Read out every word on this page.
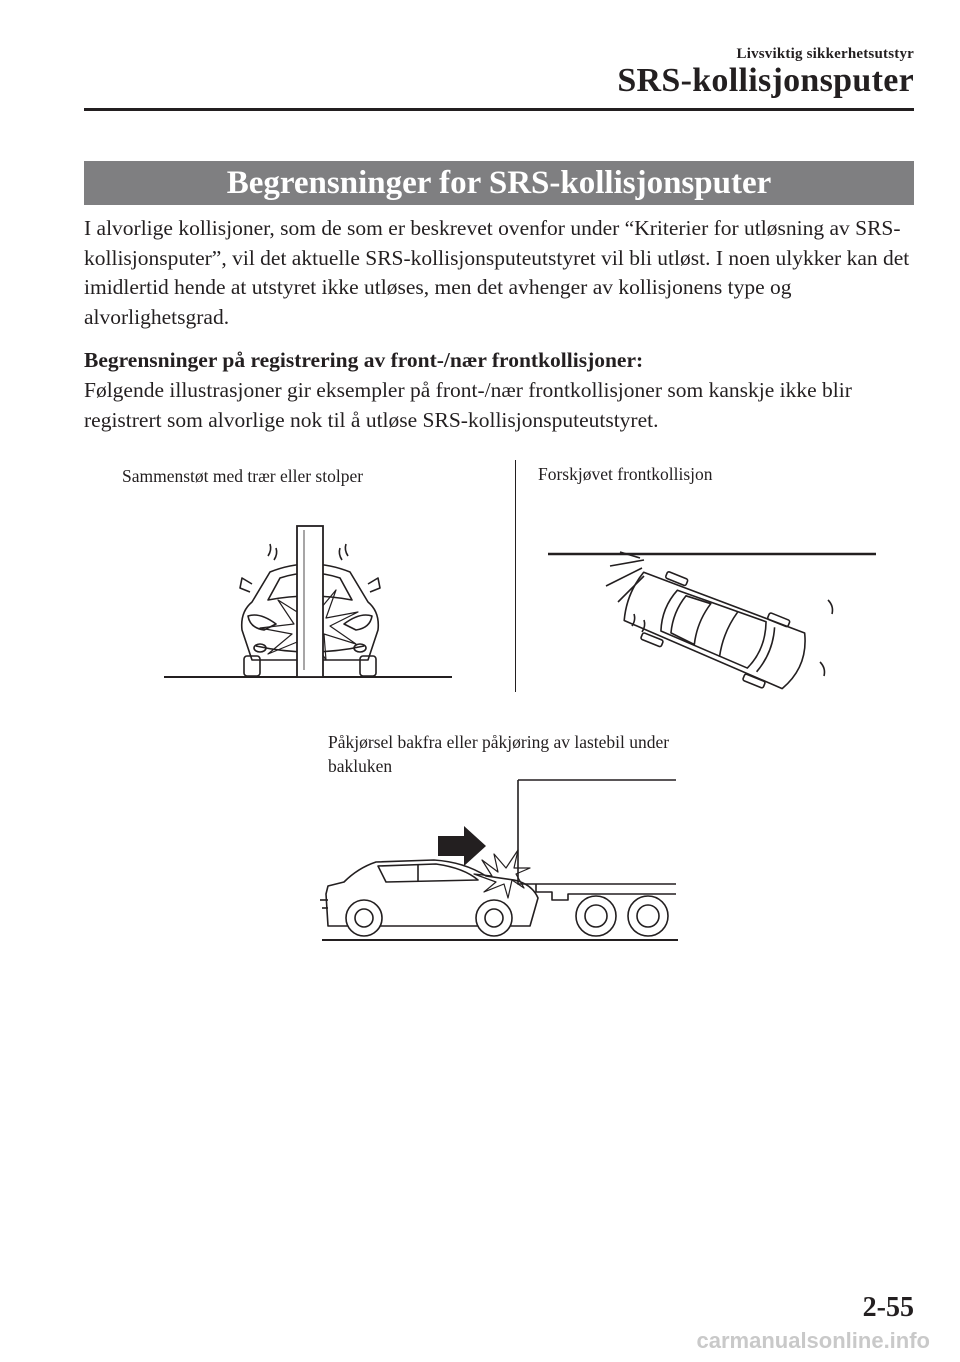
Livsviktig sikkerhetsutstyr
SRS-kollisjonsputer
Begrensninger for SRS-kollisjonsputer

I alvorlige kollisjoner, som de som er beskrevet ovenfor under “Kriterier for utløsning av SRS-kollisjonsputer”, vil det aktuelle SRS-kollisjonsputeutstyret vil bli utløst. I noen ulykker kan det imidlertid hende at utstyret ikke utløses, men det avhenger av kollisjonens type og alvorlighetsgrad.

Begrensninger på registrering av front-/nær frontkollisjoner:

Følgende illustrasjoner gir eksempler på front-/nær frontkollisjoner som kanskje ikke blir registrert som alvorlige nok til å utløse SRS-kollisjonsputeutstyret.

Sammenstøt med trær eller stolper	Forskjøvet frontkollisjon
Påkjørsel bakfra eller påkjøring av lastebil under bakluken
2-55
carmanualsonline.info
